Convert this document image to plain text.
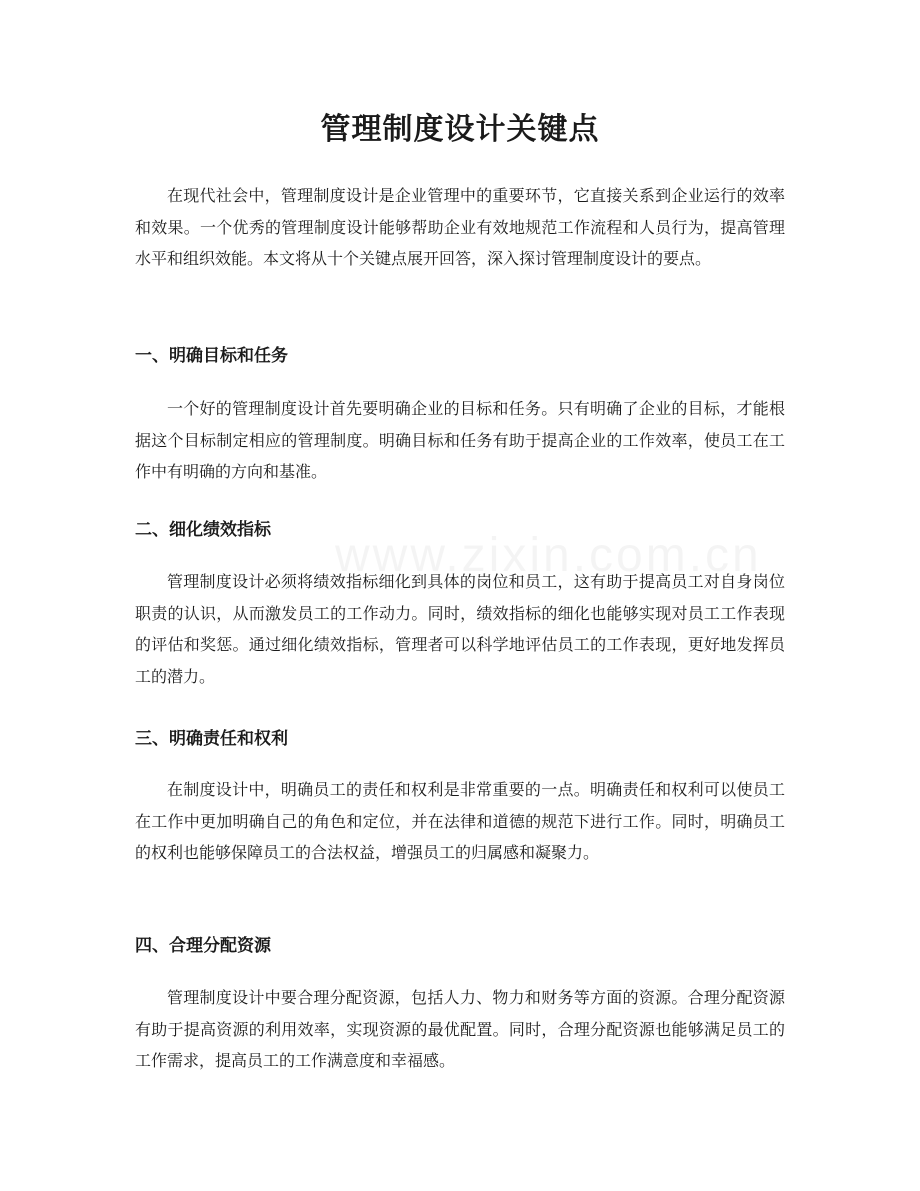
管理制度设计关键点

在现代社会中，管理制度设计是企业管理中的重要环节，它直接关系到企业运行的效率和效果。一个优秀的管理制度设计能够帮助企业有效地规范工作流程和人员行为，提高管理水平和组织效能。本文将从十个关键点展开回答，深入探讨管理制度设计的要点。

一、明确目标和任务

一个好的管理制度设计首先要明确企业的目标和任务。只有明确了企业的目标，才能根据这个目标制定相应的管理制度。明确目标和任务有助于提高企业的工作效率，使员工在工作中有明确的方向和基准。

二、细化绩效指标

管理制度设计必须将绩效指标细化到具体的岗位和员工，这有助于提高员工对自身岗位职责的认识，从而激发员工的工作动力。同时，绩效指标的细化也能够实现对员工工作表现的评估和奖惩。通过细化绩效指标，管理者可以科学地评估员工的工作表现，更好地发挥员工的潜力。

三、明确责任和权利

在制度设计中，明确员工的责任和权利是非常重要的一点。明确责任和权利可以使员工在工作中更加明确自己的角色和定位，并在法律和道德的规范下进行工作。同时，明确员工的权利也能够保障员工的合法权益，增强员工的归属感和凝聚力。

四、合理分配资源

管理制度设计中要合理分配资源，包括人力、物力和财务等方面的资源。合理分配资源有助于提高资源的利用效率，实现资源的最优配置。同时，合理分配资源也能够满足员工的工作需求，提高员工的工作满意度和幸福感。
